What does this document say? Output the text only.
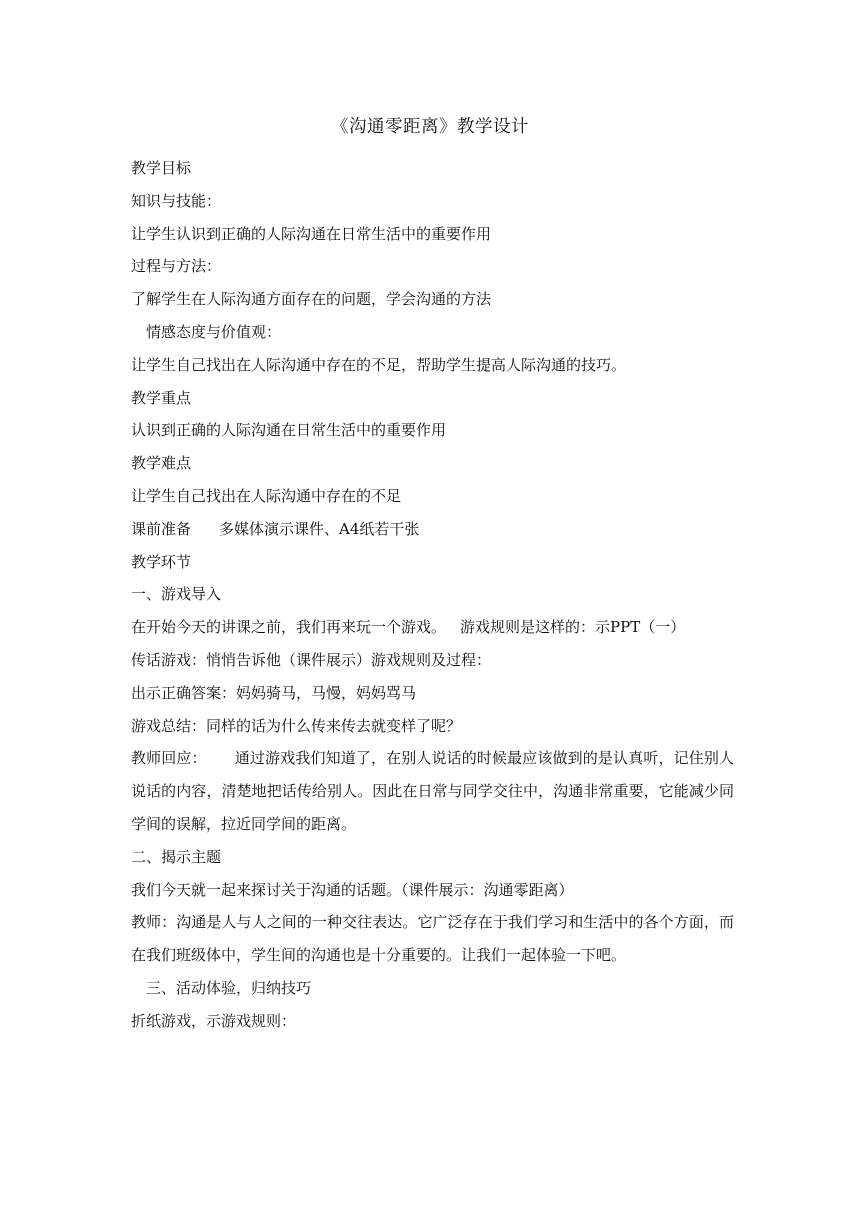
《沟通零距离》教学设计
教学目标
知识与技能：
让学生认识到正确的人际沟通在日常生活中的重要作用
过程与方法：
了解学生在人际沟通方面存在的问题，学会沟通的方法
情感态度与价值观：
让学生自己找出在人际沟通中存在的不足，帮助学生提高人际沟通的技巧。
教学重点
认识到正确的人际沟通在日常生活中的重要作用
教学难点
让学生自己找出在人际沟通中存在的不足
课前准备 多媒体演示课件、A4纸若干张
教学环节
一、游戏导入
在开始今天的讲课之前，我们再来玩一个游戏。 游戏规则是这样的：示PPT（一）
传话游戏：悄悄告诉他（课件展示）游戏规则及过程：
出示正确答案：妈妈骑马，马慢，妈妈骂马
游戏总结：同样的话为什么传来传去就变样了呢？
教师回应： 通过游戏我们知道了，在别人说话的时候最应该做到的是认真听，记住别人说话的内容，清楚地把话传给别人。因此在日常与同学交往中，沟通非常重要，它能减少同学间的误解，拉近同学间的距离。
二、揭示主题
我们今天就一起来探讨关于沟通的话题。（课件展示：沟通零距离）
教师：沟通是人与人之间的一种交往表达。它广泛存在于我们学习和生活中的各个方面，而在我们班级体中，学生间的沟通也是十分重要的。让我们一起体验一下吧。
三、活动体验，归纳技巧
折纸游戏，示游戏规则：
